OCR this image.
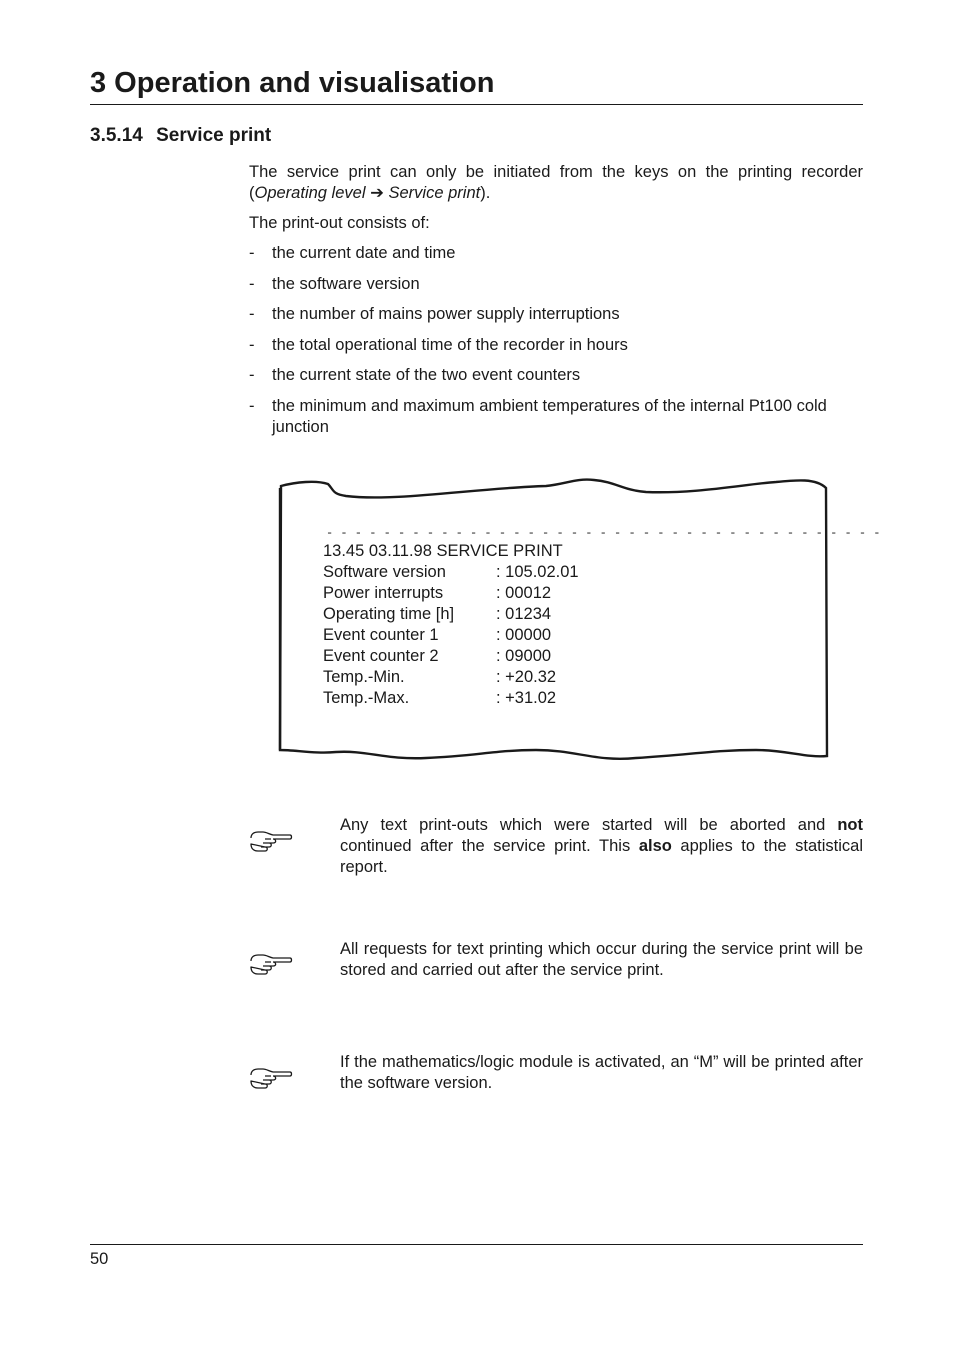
3 Operation and visualisation
3.5.14 Service print

The service print can only be initiated from the keys on the printing recorder (Operating level ➔ Service print).

The print-out consists of:

- the current date and time
- the software version
- the number of mains power supply interruptions
- the total operational time of the recorder in hours
- the current state of the two event counters
- the minimum and maximum ambient temperatures of the internal Pt100 cold junction
13.45 03.11.98 SERVICE PRINT
Software version	: 105.02.01
Power interrupts	: 00012
Operating time [h]	: 01234
Event counter 1	: 00000
Event counter 2	: 09000
Temp.-Min.	: +20.32
Temp.-Max.	: +31.02
- - - - - - - - - - - - - - - - - - - - - - - - - - - - - - - - - - - - - - -

Any text print-outs which were started will be aborted and not continued after the service print. This also applies to the statistical report.

All requests for text printing which occur during the service print will be stored and carried out after the service print.

If the mathematics/logic module is activated, an “M” will be printed after the software version.

50
